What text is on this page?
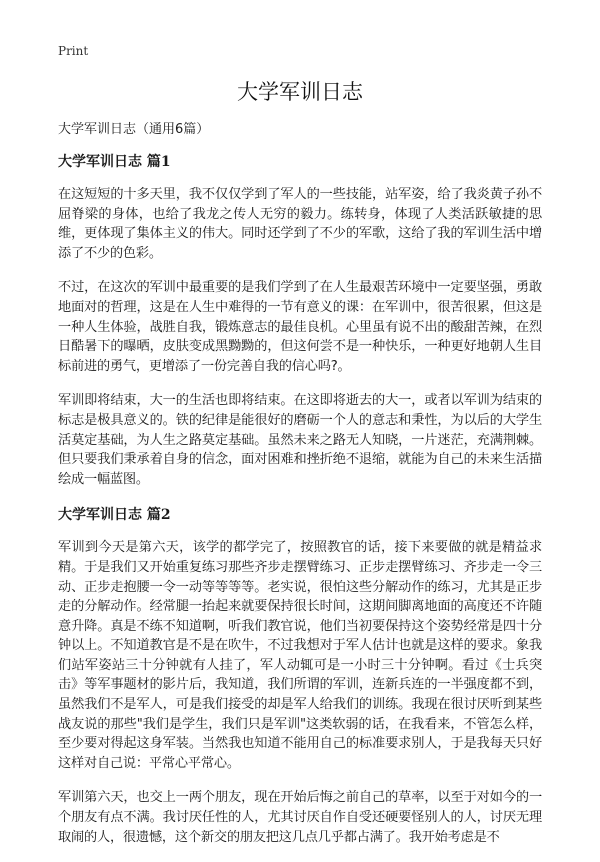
Print
大学军训日志

大学军训日志（通用6篇）

大学军训日志 篇1

在这短短的十多天里，我不仅仅学到了军人的一些技能，站军姿，给了我炎黄子孙不屈脊梁的身体，也给了我龙之传人无穷的毅力。练转身，体现了人类活跃敏捷的思维，更体现了集体主义的伟大。同时还学到了不少的军歌，这给了我的军训生活中增添了不少的色彩。

不过，在这次的军训中最重要的是我们学到了在人生最艰苦环境中一定要坚强，勇敢地面对的哲理，这是在人生中难得的一节有意义的课：在军训中，很苦很累，但这是一种人生体验，战胜自我，锻炼意志的最佳良机。心里虽有说不出的酸甜苦辣，在烈日酷暑下的曝晒，皮肤变成黑黝黝的，但这何尝不是一种快乐，一种更好地朝人生目标前进的勇气，更增添了一份完善自我的信心吗?。

军训即将结束，大一的生活也即将结束。在这即将逝去的大一，或者以军训为结束的标志是极具意义的。铁的纪律是能很好的磨砺一个人的意志和秉性，为以后的大学生活莫定基础，为人生之路莫定基础。虽然未来之路无人知晓，一片迷茫，充满荆棘。但只要我们秉承着自身的信念，面对困难和挫折绝不退缩，就能为自己的未来生活描绘成一幅蓝图。

大学军训日志 篇2

军训到今天是第六天，该学的都学完了，按照教官的话，接下来要做的就是精益求精。于是我们又开始重复练习那些齐步走摆臂练习、正步走摆臂练习、齐步走一令三动、正步走抱腰一令一动等等等等。老实说，很怕这些分解动作的练习，尤其是正步走的分解动作。经常腿一抬起来就要保持很长时间，这期间脚离地面的高度还不许随意升降。真是不练不知道啊，听我们教官说，他们当初要保持这个姿势经常是四十分钟以上。不知道教官是不是在吹牛，不过我想对于军人估计也就是这样的要求。象我们站军姿站三十分钟就有人挂了，军人动辄可是一小时三十分钟啊。看过《士兵突击》等军事题材的影片后，我知道，我们所谓的军训，连新兵连的一半强度都不到，虽然我们不是军人，可是我们接受的却是军人给我们的训练。我现在很讨厌听到某些战友说的那些"我们是学生，我们只是军训"这类软弱的话，在我看来，不管怎么样，至少要对得起这身军装。当然我也知道不能用自己的标准要求别人，于是我每天只好这样对自己说：平常心平常心。

军训第六天，也交上一两个朋友，现在开始后悔之前自己的草率，以至于对如今的一个朋友有点不满。我讨厌任性的人，尤其讨厌自作自受还硬要怪别人的人，讨厌无理取闹的人，很遗憾，这个新交的朋友把这几点几乎都占满了。我开始考虑是不
